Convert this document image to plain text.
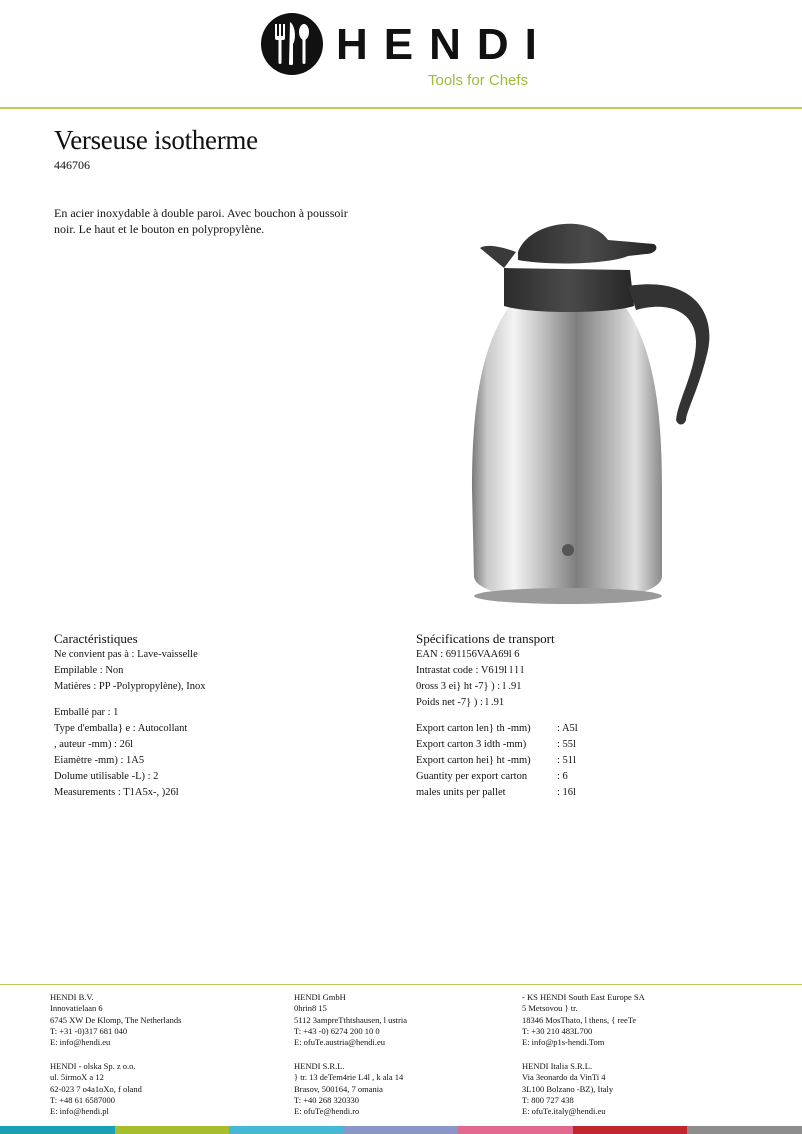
HENDI
Tools for Chefs
Verseuse isotherme
446706
En acier inoxydable à double paroi. Avec bouchon à poussoir noir. Le haut et le bouton en polypropylène.
Caractéristiques
Ne convient pas à : Lave-vaisselle
Empilable : Non
Matières : PP -Polypropylène), Inox
Emballé par : 1
Type d'emballa} e : Autocollant
, auteur -mm) : 26l
Eiamètre -mm) : 1A5
Dolume utilisable -L) : 2
Measurements : T1A5x-, )26l
Spécifications de transport
EAN : 691156VAA69l 6
Intrastat code : V619l l l l
0ross 3 ei} ht -7} ) : l .91
Poids net -7} ) : l .91
Export carton len} th -mm)	: A5l
Export carton 3 idth -mm)	: 55l
Export carton hei} ht -mm)	: 51l
Guantity per export carton	: 6
males units per pallet	: 16l
HENDI B.V.
Innovatielaan 6
6745 XW De Klomp, The Netherlands
T: +31 -0)317 681 040
E: info@hendi.eu
HENDI GmbH
0hrin8 15
5112 3ampreTthtshausen, l ustria
T: +43 -0) 6274 200 10 0
E: ofuTe.austria@hendi.eu
- KS HENDI South East Europe SA
5 Metsovou } tr.
18346 MosThato, l thens, { reeTe
T: +30 210 483L700
E: info@p1s-hendi.Tom
HENDI - olska Sp. z o.o.
ul. 5irmoX a 12
62-023 7 o4a1oXo, f oland
T: +48 61 6587000
E: info@hendi.pl
HENDI S.R.L.
} tr. 13 deTem4rie L4l , k ala 14
Brasov, 500164, 7 omania
T: +40 268 320330
E: ofuTe@hendi.ro
HENDI Italia S.R.L.
Via 3eonardo da VinTi 4
3L100 Bolzano -BZ), Italy
T: 800 727 438
E: ofuTe.italy@hendi.eu
